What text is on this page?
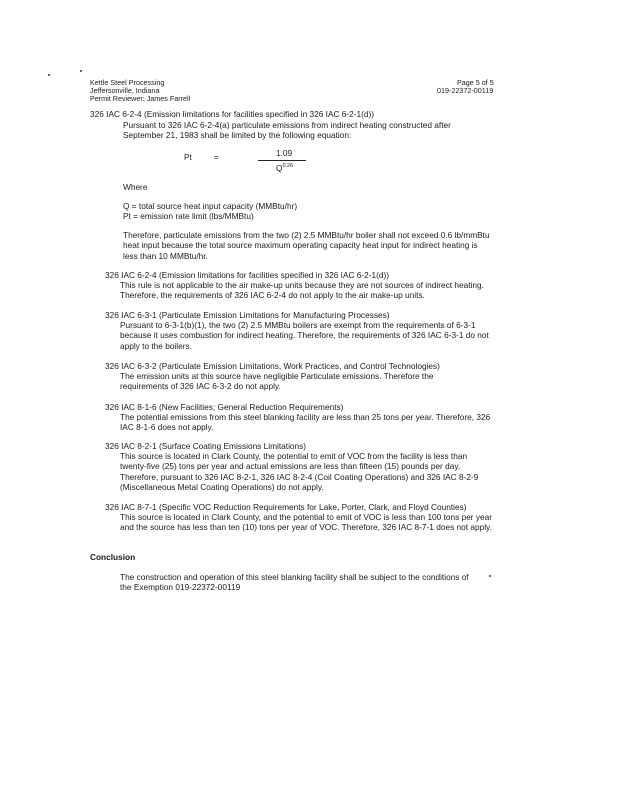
Kettle Steel Processing
Jeffersonville, Indiana
Permit Reviewer: James Farrell
Page 5 of 5
019-22372-00119
326 IAC 6-2-4 (Emission limitations for facilities specified in 326 IAC 6-2-1(d))
Pursuant to 326 IAC 6-2-4(a) particulate emissions from indirect heating constructed after September 21, 1983 shall be limited by the following equation:
Pt	=	1.09
$Q^{0.26}$
Where
Q = total source heat input capacity (MMBtu/hr)
Pt = emission rate limit (lbs/MMBtu)
Therefore, particulate emissions from the two (2) 2.5 MMBtu/hr boiler shall not exceed 0.6 lb/mmBtu heat input because the total source maximum operating capacity heat input for indirect heating is less than 10 MMBtu/hr.
326 IAC 6-2-4 (Emission limitations for facilities specified in 326 IAC 6-2-1(d))
This rule is not applicable to the air make-up units because they are not sources of indirect heating. Therefore, the requirements of 326 IAC 6-2-4 do not apply to the air make-up units.
326 IAC 6-3-1 (Particulate Emission Limitations for Manufacturing Processes)
Pursuant to 6-3-1(b)(1), the two (2) 2.5 MMBtu boilers are exempt from the requirements of 6-3-1 because it uses combustion for indirect heating. Therefore, the requirements of 326 IAC 6-3-1 do not apply to the boilers.
326 IAC 6-3-2 (Particulate Emission Limitations, Work Practices, and Control Technologies)
The emission units at this source have negligible Particulate emissions. Therefore the requirements of 326 IAC 6-3-2 do not apply.
326 IAC 8-1-6 (New Facilities; General Reduction Requirements)
The potential emissions from this steel blanking facility are less than 25 tons per year. Therefore, 326 IAC 8-1-6 does not apply.
326 IAC 8-2-1 (Surface Coating Emissions Limitations)
This source is located in Clark County, the potential to emit of VOC from the facility is less than twenty-five (25) tons per year and actual emissions are less than fifteen (15) pounds per day. Therefore, pursuant to 326 IAC 8-2-1, 326 IAC 8-2-4 (Coil Coating Operations) and 326 IAC 8-2-9 (Miscellaneous Metal Coating Operations) do not apply.
326 IAC 8-7-1 (Specific VOC Reduction Requirements for Lake, Porter, Clark, and Floyd Counties)
This source is located in Clark County, and the potential to emit of VOC is less than 100 tons per year and the source has less than ten (10) tons per year of VOC. Therefore, 326 IAC 8-7-1 does not apply.
Conclusion
The construction and operation of this steel blanking facility shall be subject to the conditions of the Exemption 019-22372-00119
